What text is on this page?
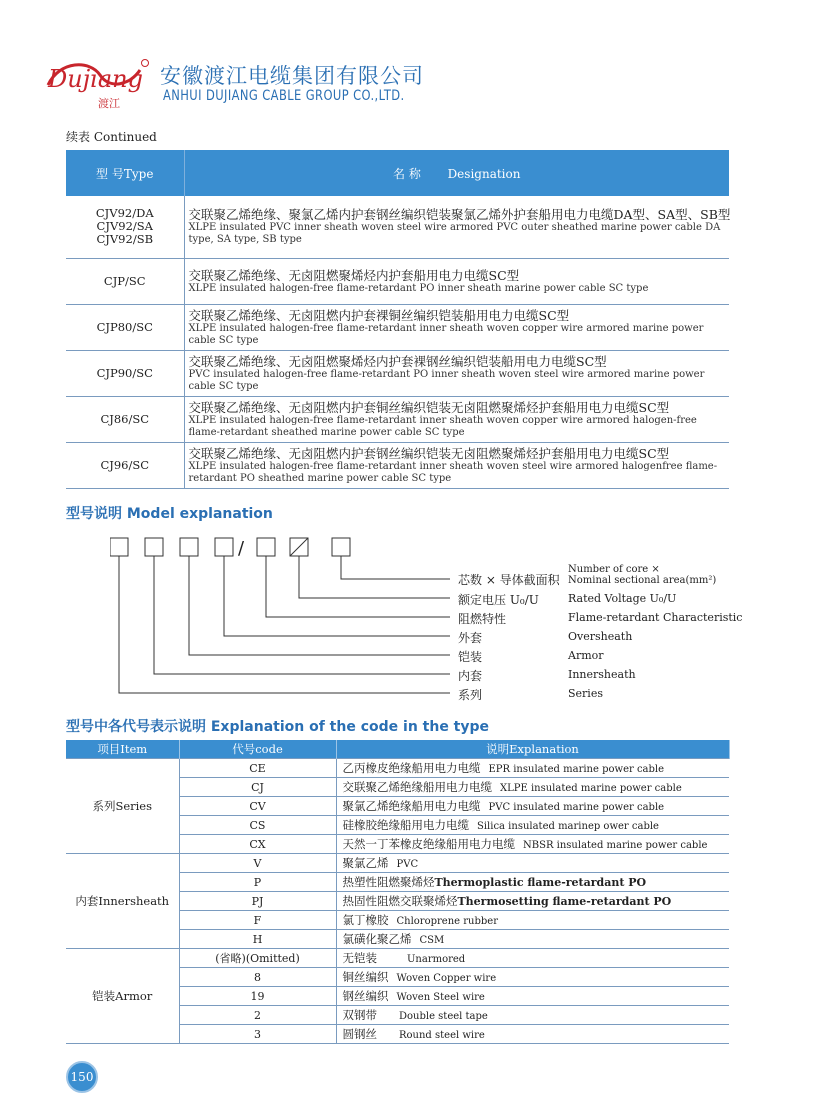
Dujiang
渡江
安徽渡江电缆集团有限公司
ANHUI DUJIANG CABLE GROUP CO.,LTD.
续表 Continued
型 号Type	名 称 Designation
CJV92/DA CJV92/SA CJV92/SB	交联聚乙烯绝缘、聚氯乙烯内护套钢丝编织铠装聚氯乙烯外护套船用电力电缆DA型、SA型、SB型
XLPE insulated PVC inner sheath woven steel wire armored PVC outer sheathed marine power cable DA type, SA type, SB type

CJP/SC	交联聚乙烯绝缘、无卤阻燃聚烯烃内护套船用电力电缆SC型
XLPE insulated halogen-free flame-retardant PO inner sheath marine power cable SC type

CJP80/SC	交联聚乙烯绝缘、无卤阻燃内护套裸铜丝编织铠装船用电力电缆SC型
XLPE insulated halogen-free flame-retardant inner sheath woven copper wire armored marine power cable SC type

CJP90/SC	交联聚乙烯绝缘、无卤阻燃聚烯烃内护套裸钢丝编织铠装船用电力电缆SC型
PVC insulated halogen-free flame-retardant PO inner sheath woven steel wire armored marine power cable SC type

CJ86/SC	交联聚乙烯绝缘、无卤阻燃内护套铜丝编织铠装无卤阻燃聚烯烃护套船用电力电缆SC型
XLPE insulated halogen-free flame-retardant inner sheath woven copper wire armored halogen-free flame-retardant sheathed marine power cable SC type

CJ96/SC	交联聚乙烯绝缘、无卤阻燃内护套钢丝编织铠装无卤阻燃聚烯烃护套船用电力电缆SC型
XLPE insulated halogen-free flame-retardant inner sheath woven steel wire armored halogenfree flame-retardant PO sheathed marine power cable SC type
型号说明 Model explanation
/
芯数 × 导体截面积
Number of core ×
Nominal sectional area(mm²)
额定电压 U₀/U	Rated Voltage U₀/U
阻燃特性	Flame-retardant Characteristic
外套	Oversheath
铠装	Armor
内套	Innersheath
系列	Series
型号中各代号表示说明 Explanation of the code in the type
项目Item	代号code	说明Explanation
系列Series	CE	乙丙橡皮绝缘船用电力电缆 EPR insulated marine power cable
	CJ	交联聚乙烯绝缘船用电力电缆 XLPE insulated marine power cable
	CV	聚氯乙烯绝缘船用电力电缆 PVC insulated marine power cable
	CS	硅橡胶绝缘船用电力电缆 Silica insulated marinep ower cable
	CX	天然一丁苯橡皮绝缘船用电力电缆 NBSR insulated marine power cable
内套Innersheath	V	聚氯乙烯 PVC
	P	热塑性阻燃聚烯烃Thermoplastic flame-retardant PO
	PJ	热固性阻燃交联聚烯烃Thermosetting flame-retardant PO
	F	氯丁橡胶 Chloroprene rubber
	H	氯磺化聚乙烯 CSM
铠装Armor	(省略)(Omitted)	无铠装 Unarmored
	8	铜丝编织 Woven Copper wire
	19	钢丝编织 Woven Steel wire
	2	双钢带 Double steel tape
	3	圆钢丝 Round steel wire
150
